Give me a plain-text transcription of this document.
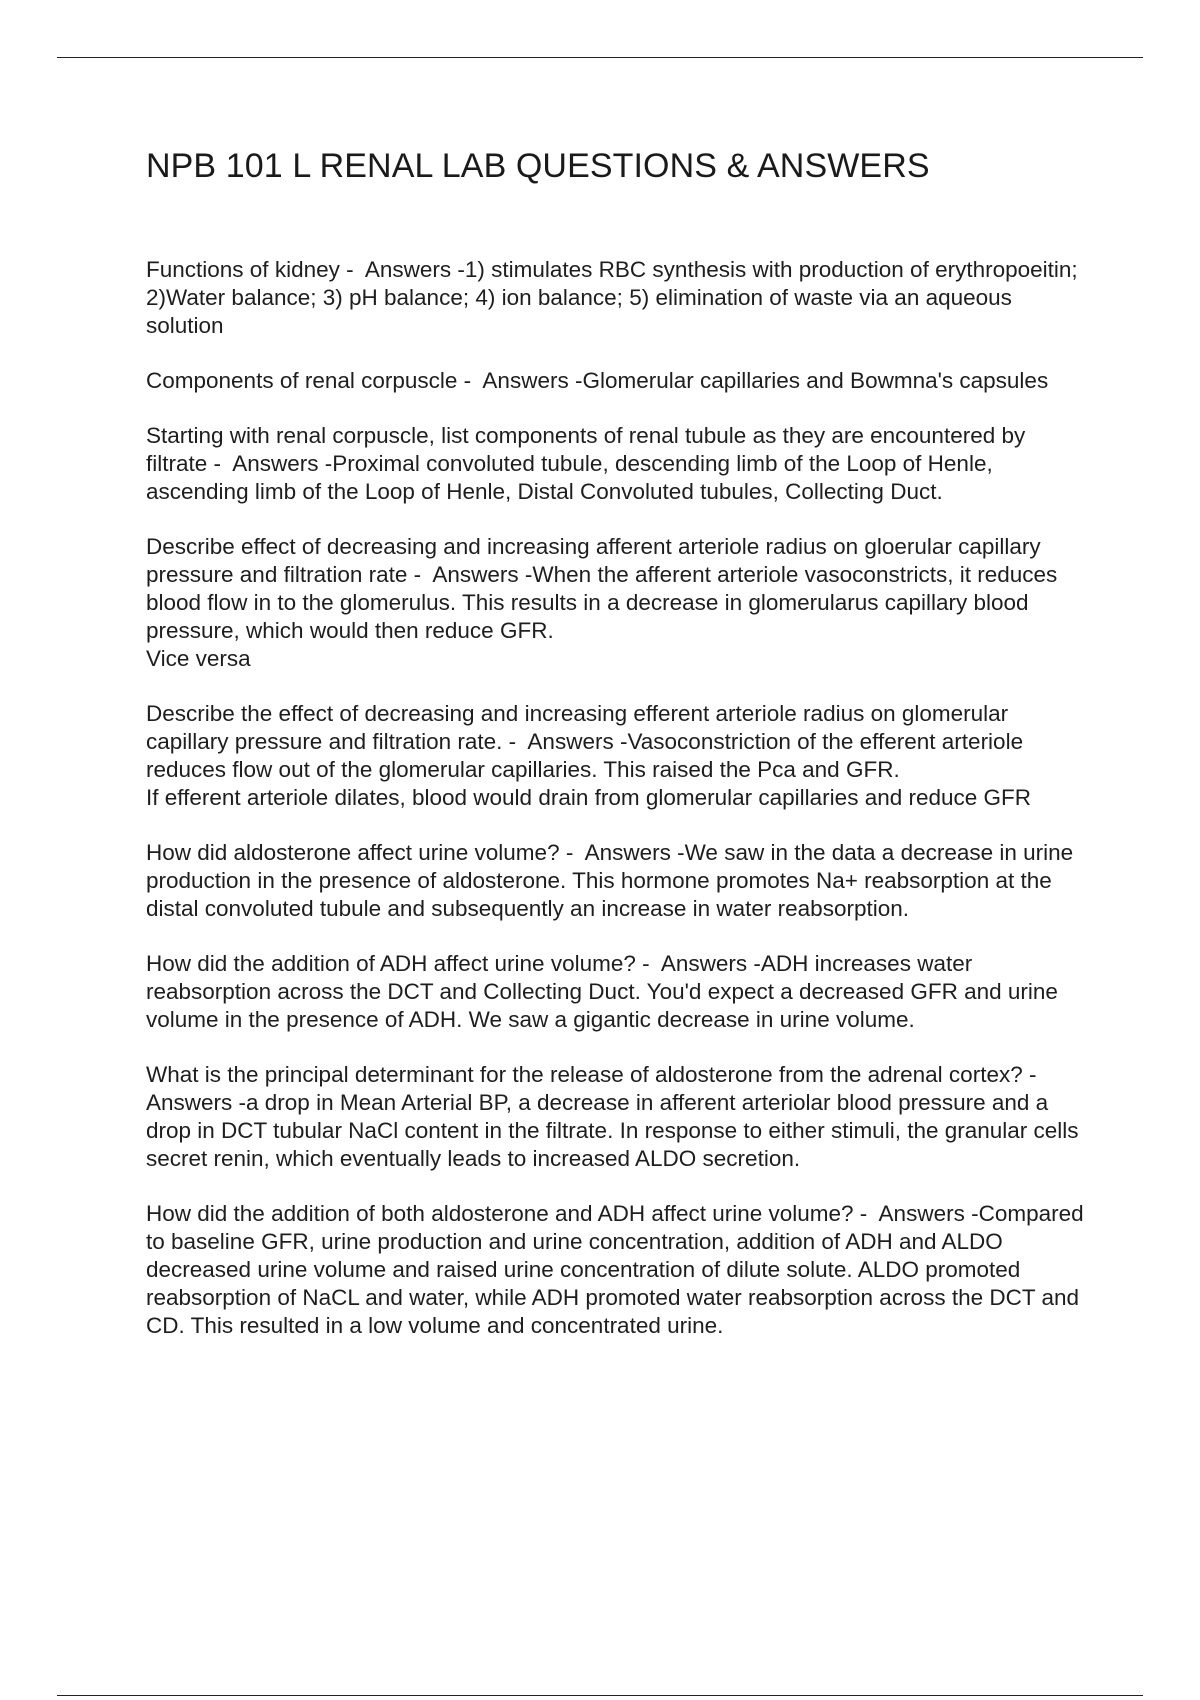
NPB 101 L RENAL LAB QUESTIONS & ANSWERS
Functions of kidney -  Answers -1) stimulates RBC synthesis with production of erythropoeitin; 2)Water balance; 3) pH balance; 4) ion balance; 5) elimination of waste via an aqueous solution
Components of renal corpuscle -  Answers -Glomerular capillaries and Bowmna's capsules
Starting with renal corpuscle, list components of renal tubule as they are encountered by filtrate -  Answers -Proximal convoluted tubule, descending limb of the Loop of Henle, ascending limb of the Loop of Henle, Distal Convoluted tubules, Collecting Duct.
Describe effect of decreasing and increasing afferent arteriole radius on gloerular capillary pressure and filtration rate -  Answers -When the afferent arteriole vasoconstricts, it reduces blood flow in to the glomerulus. This results in a decrease in glomerularus capillary blood pressure, which would then reduce GFR.
Vice versa
Describe the effect of decreasing and increasing efferent arteriole radius on glomerular capillary pressure and filtration rate. -  Answers -Vasoconstriction of the efferent arteriole reduces flow out of the glomerular capillaries. This raised the Pca and GFR.
If efferent arteriole dilates, blood would drain from glomerular capillaries and reduce GFR
How did aldosterone affect urine volume? -  Answers -We saw in the data a decrease in urine production in the presence of aldosterone. This hormone promotes Na+ reabsorption at the distal convoluted tubule and subsequently an increase in water reabsorption.
How did the addition of ADH affect urine volume? -  Answers -ADH increases water reabsorption across the DCT and Collecting Duct. You'd expect a decreased GFR and urine volume in the presence of ADH. We saw a gigantic decrease in urine volume.
What is the principal determinant for the release of aldosterone from the adrenal cortex? -  Answers -a drop in Mean Arterial BP, a decrease in afferent arteriolar blood pressure and a drop in DCT tubular NaCl content in the filtrate. In response to either stimuli, the granular cells secret renin, which eventually leads to increased ALDO secretion.
How did the addition of both aldosterone and ADH affect urine volume? -  Answers -Compared to baseline GFR, urine production and urine concentration, addition of ADH and ALDO decreased urine volume and raised urine concentration of dilute solute. ALDO promoted reabsorption of NaCL and water, while ADH promoted water reabsorption across the DCT and CD. This resulted in a low volume and concentrated urine.
